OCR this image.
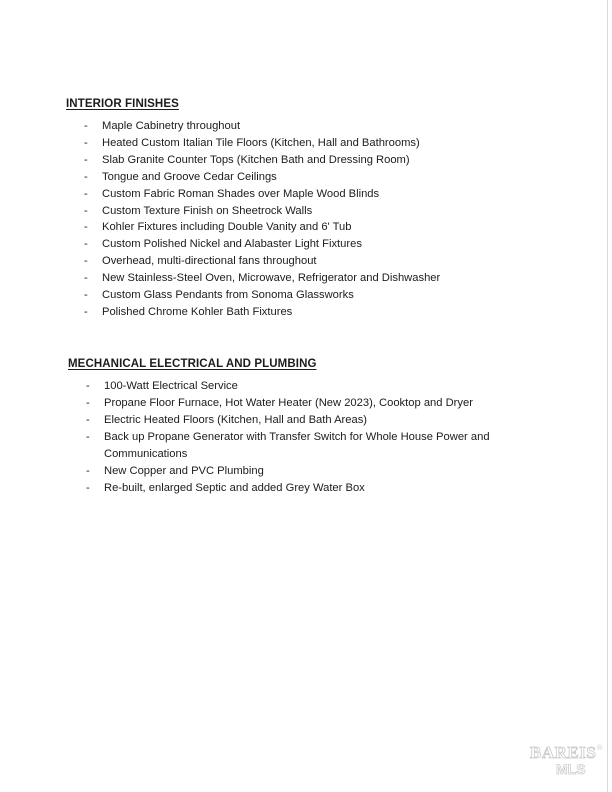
INTERIOR FINISHES
- Maple Cabinetry throughout
- Heated Custom Italian Tile Floors (Kitchen, Hall and Bathrooms)
- Slab Granite Counter Tops (Kitchen Bath and Dressing Room)
- Tongue and Groove Cedar Ceilings
- Custom Fabric Roman Shades over Maple Wood Blinds
- Custom Texture Finish on Sheetrock Walls
- Kohler Fixtures including Double Vanity and 6' Tub
- Custom Polished Nickel and Alabaster Light Fixtures
- Overhead, multi-directional fans throughout
- New Stainless-Steel Oven, Microwave, Refrigerator and Dishwasher
- Custom Glass Pendants from Sonoma Glassworks
- Polished Chrome Kohler Bath Fixtures
MECHANICAL ELECTRICAL AND PLUMBING
- 100-Watt Electrical Service
- Propane Floor Furnace, Hot Water Heater (New 2023), Cooktop and Dryer
- Electric Heated Floors (Kitchen, Hall and Bath Areas)
- Back up Propane Generator with Transfer Switch for Whole House Power and Communications
- New Copper and PVC Plumbing
- Re-built, enlarged Septic and added Grey Water Box
BAREIS ®
MLS
